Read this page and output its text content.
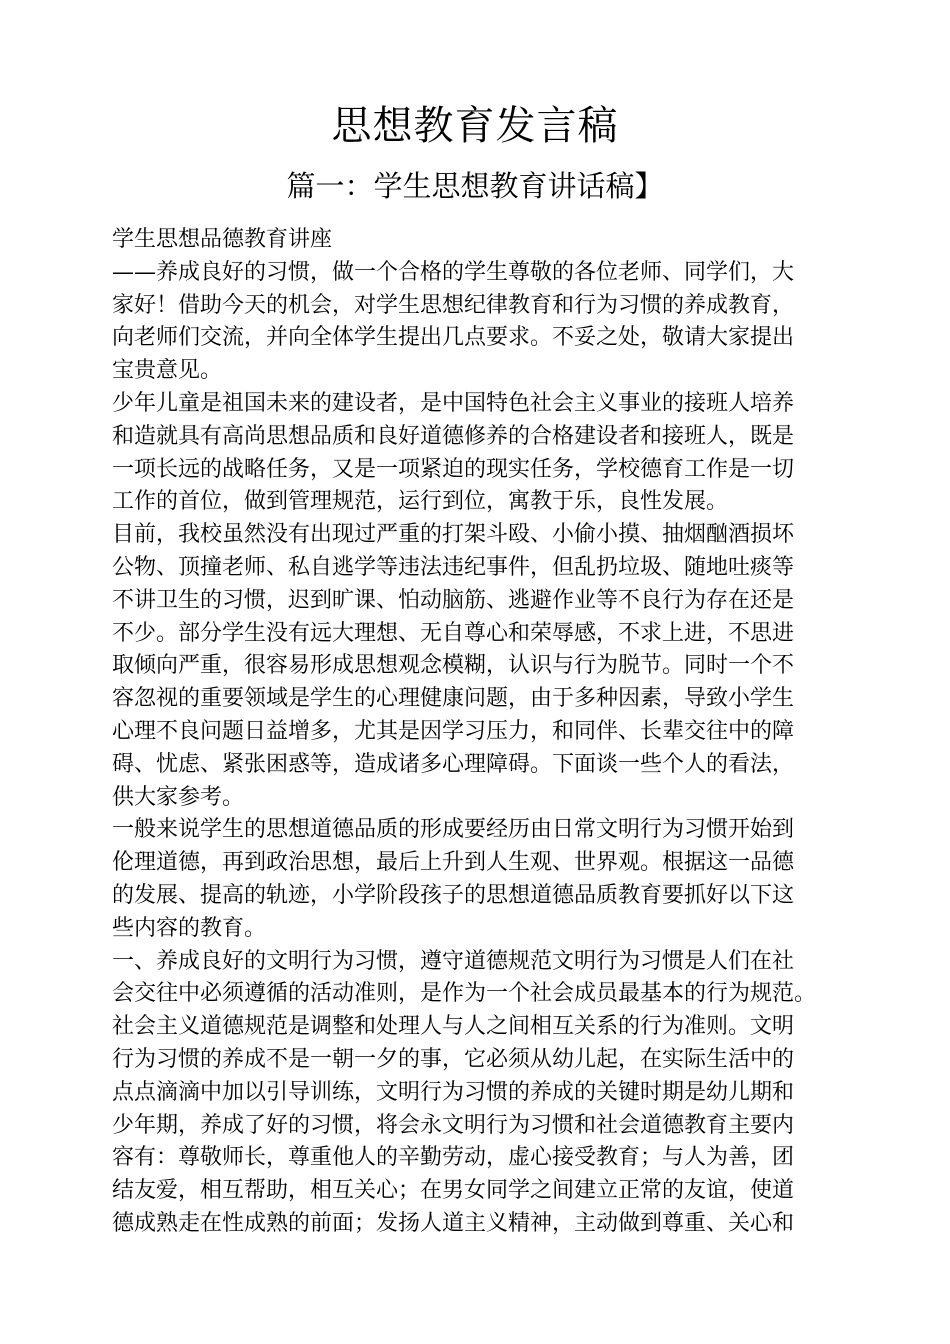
思想教育发言稿
篇一：学生思想教育讲话稿】
学生思想品德教育讲座
——养成良好的习惯，做一个合格的学生尊敬的各位老师、同学们，大
家好！借助今天的机会，对学生思想纪律教育和行为习惯的养成教育，
向老师们交流，并向全体学生提出几点要求。不妥之处，敬请大家提出
宝贵意见。
少年儿童是祖国未来的建设者，是中国特色社会主义事业的接班人培养
和造就具有高尚思想品质和良好道德修养的合格建设者和接班人，既是
一项长远的战略任务，又是一项紧迫的现实任务，学校德育工作是一切
工作的首位，做到管理规范，运行到位，寓教于乐，良性发展。
目前，我校虽然没有出现过严重的打架斗殴、小偷小摸、抽烟酗酒损坏
公物、顶撞老师、私自逃学等违法违纪事件，但乱扔垃圾、随地吐痰等
不讲卫生的习惯，迟到旷课、怕动脑筋、逃避作业等不良行为存在还是
不少。部分学生没有远大理想、无自尊心和荣辱感，不求上进，不思进
取倾向严重，很容易形成思想观念模糊，认识与行为脱节。同时一个不
容忽视的重要领域是学生的心理健康问题，由于多种因素，导致小学生
心理不良问题日益增多，尤其是因学习压力，和同伴、长辈交往中的障
碍、忧虑、紧张困惑等，造成诸多心理障碍。下面谈一些个人的看法，
供大家参考。
一般来说学生的思想道德品质的形成要经历由日常文明行为习惯开始到
伦理道德，再到政治思想，最后上升到人生观、世界观。根据这一品德
的发展、提高的轨迹，小学阶段孩子的思想道德品质教育要抓好以下这
些内容的教育。
一、养成良好的文明行为习惯，遵守道德规范文明行为习惯是人们在社
会交往中必须遵循的活动准则，是作为一个社会成员最基本的行为规范。
社会主义道德规范是调整和处理人与人之间相互关系的行为准则。文明
行为习惯的养成不是一朝一夕的事，它必须从幼儿起，在实际生活中的
点点滴滴中加以引导训练，文明行为习惯的养成的关键时期是幼儿期和
少年期，养成了好的习惯，将会永文明行为习惯和社会道德教育主要内
容有：尊敬师长，尊重他人的辛勤劳动，虚心接受教育；与人为善，团
结友爱，相互帮助，相互关心；在男女同学之间建立正常的友谊，使道
德成熟走在性成熟的前面；发扬人道主义精神，主动做到尊重、关心和
